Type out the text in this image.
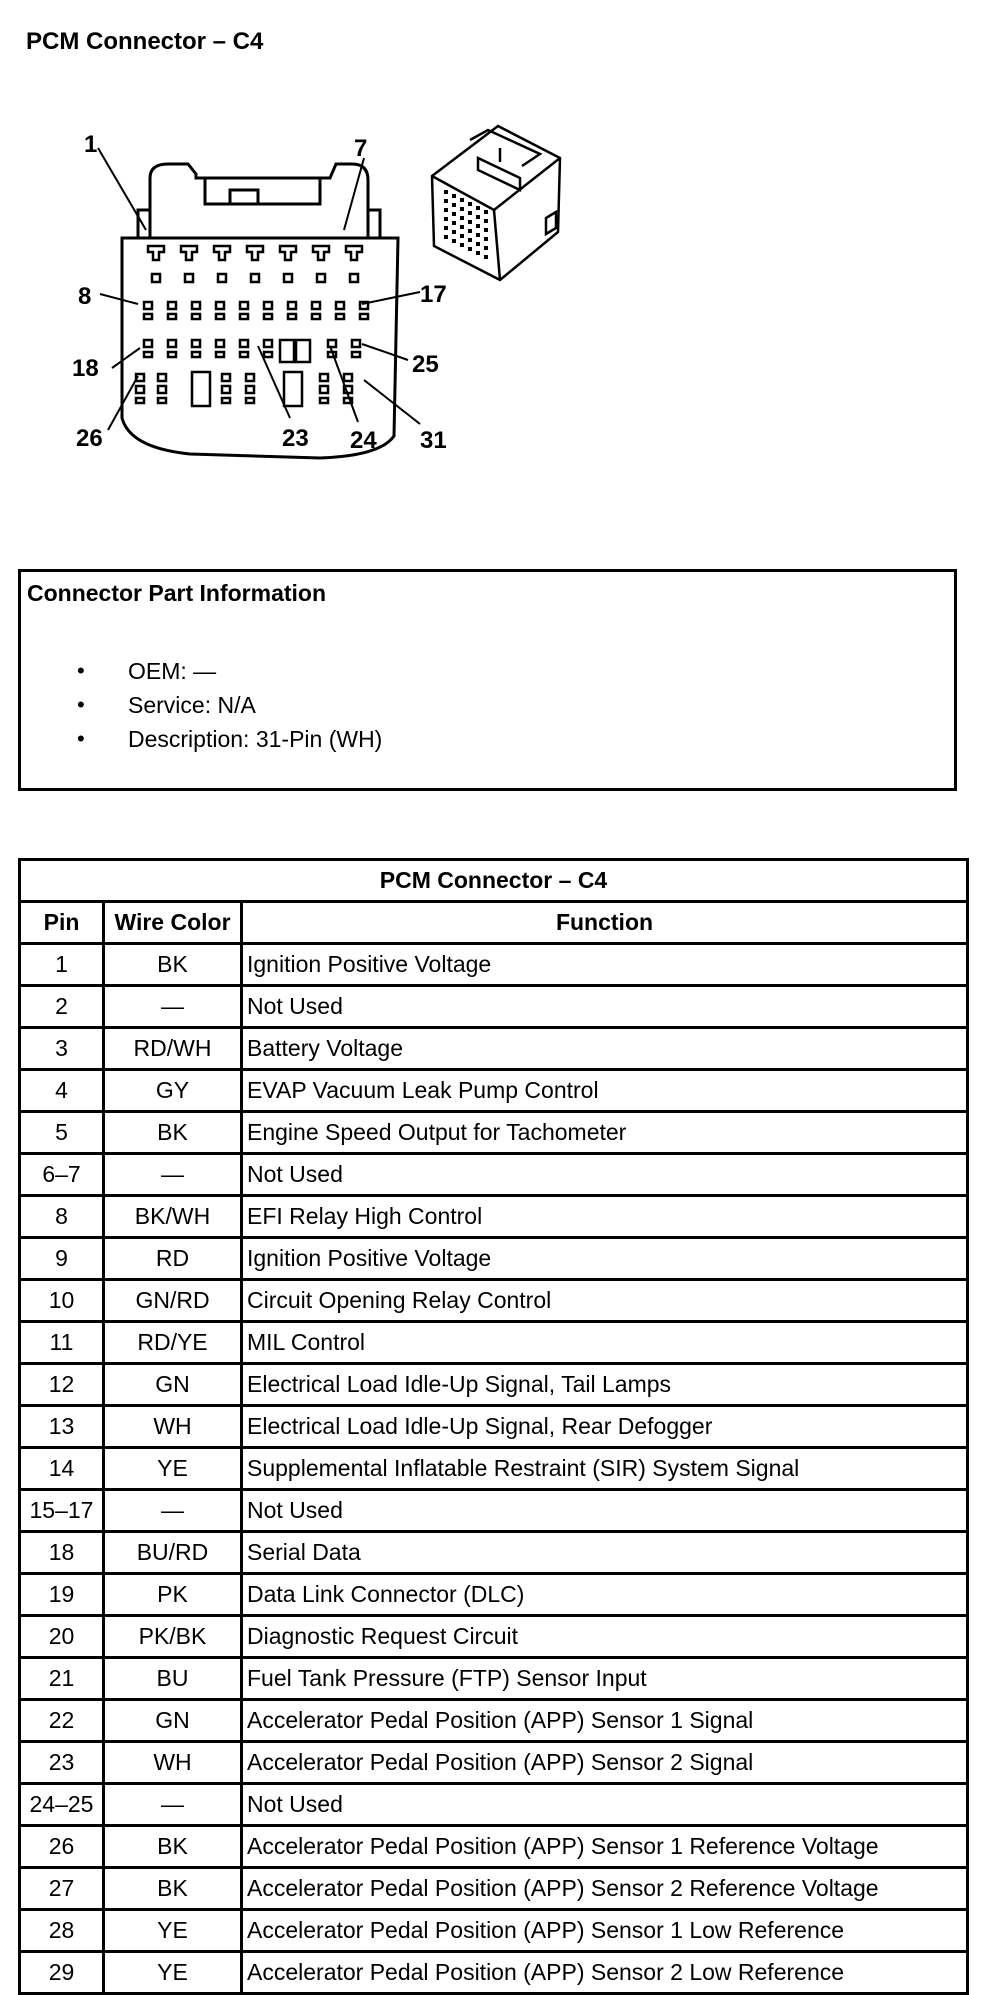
PCM Connector – C4
1	7
8	17
18	25
26	23 24 31
Connector Part Information
• OEM: —
• Service: N/A
• Description: 31-Pin (WH)
PCM Connector – C4		
Pin	Wire Color	Function
1	BK	Ignition Positive Voltage
2	—	Not Used
3	RD/WH	Battery Voltage
4	GY	EVAP Vacuum Leak Pump Control
5	BK	Engine Speed Output for Tachometer
6–7	—	Not Used
8	BK/WH	EFI Relay High Control
9	RD	Ignition Positive Voltage
10	GN/RD	Circuit Opening Relay Control
11	RD/YE	MIL Control
12	GN	Electrical Load Idle-Up Signal, Tail Lamps
13	WH	Electrical Load Idle-Up Signal, Rear Defogger
14	YE	Supplemental Inflatable Restraint (SIR) System Signal
15–17	—	Not Used
18	BU/RD	Serial Data
19	PK	Data Link Connector (DLC)
20	PK/BK	Diagnostic Request Circuit
21	BU	Fuel Tank Pressure (FTP) Sensor Input
22	GN	Accelerator Pedal Position (APP) Sensor 1 Signal
23	WH	Accelerator Pedal Position (APP) Sensor 2 Signal
24–25	—	Not Used
26	BK	Accelerator Pedal Position (APP) Sensor 1 Reference Voltage
27	BK	Accelerator Pedal Position (APP) Sensor 2 Reference Voltage
28	YE	Accelerator Pedal Position (APP) Sensor 1 Low Reference
29	YE	Accelerator Pedal Position (APP) Sensor 2 Low Reference
